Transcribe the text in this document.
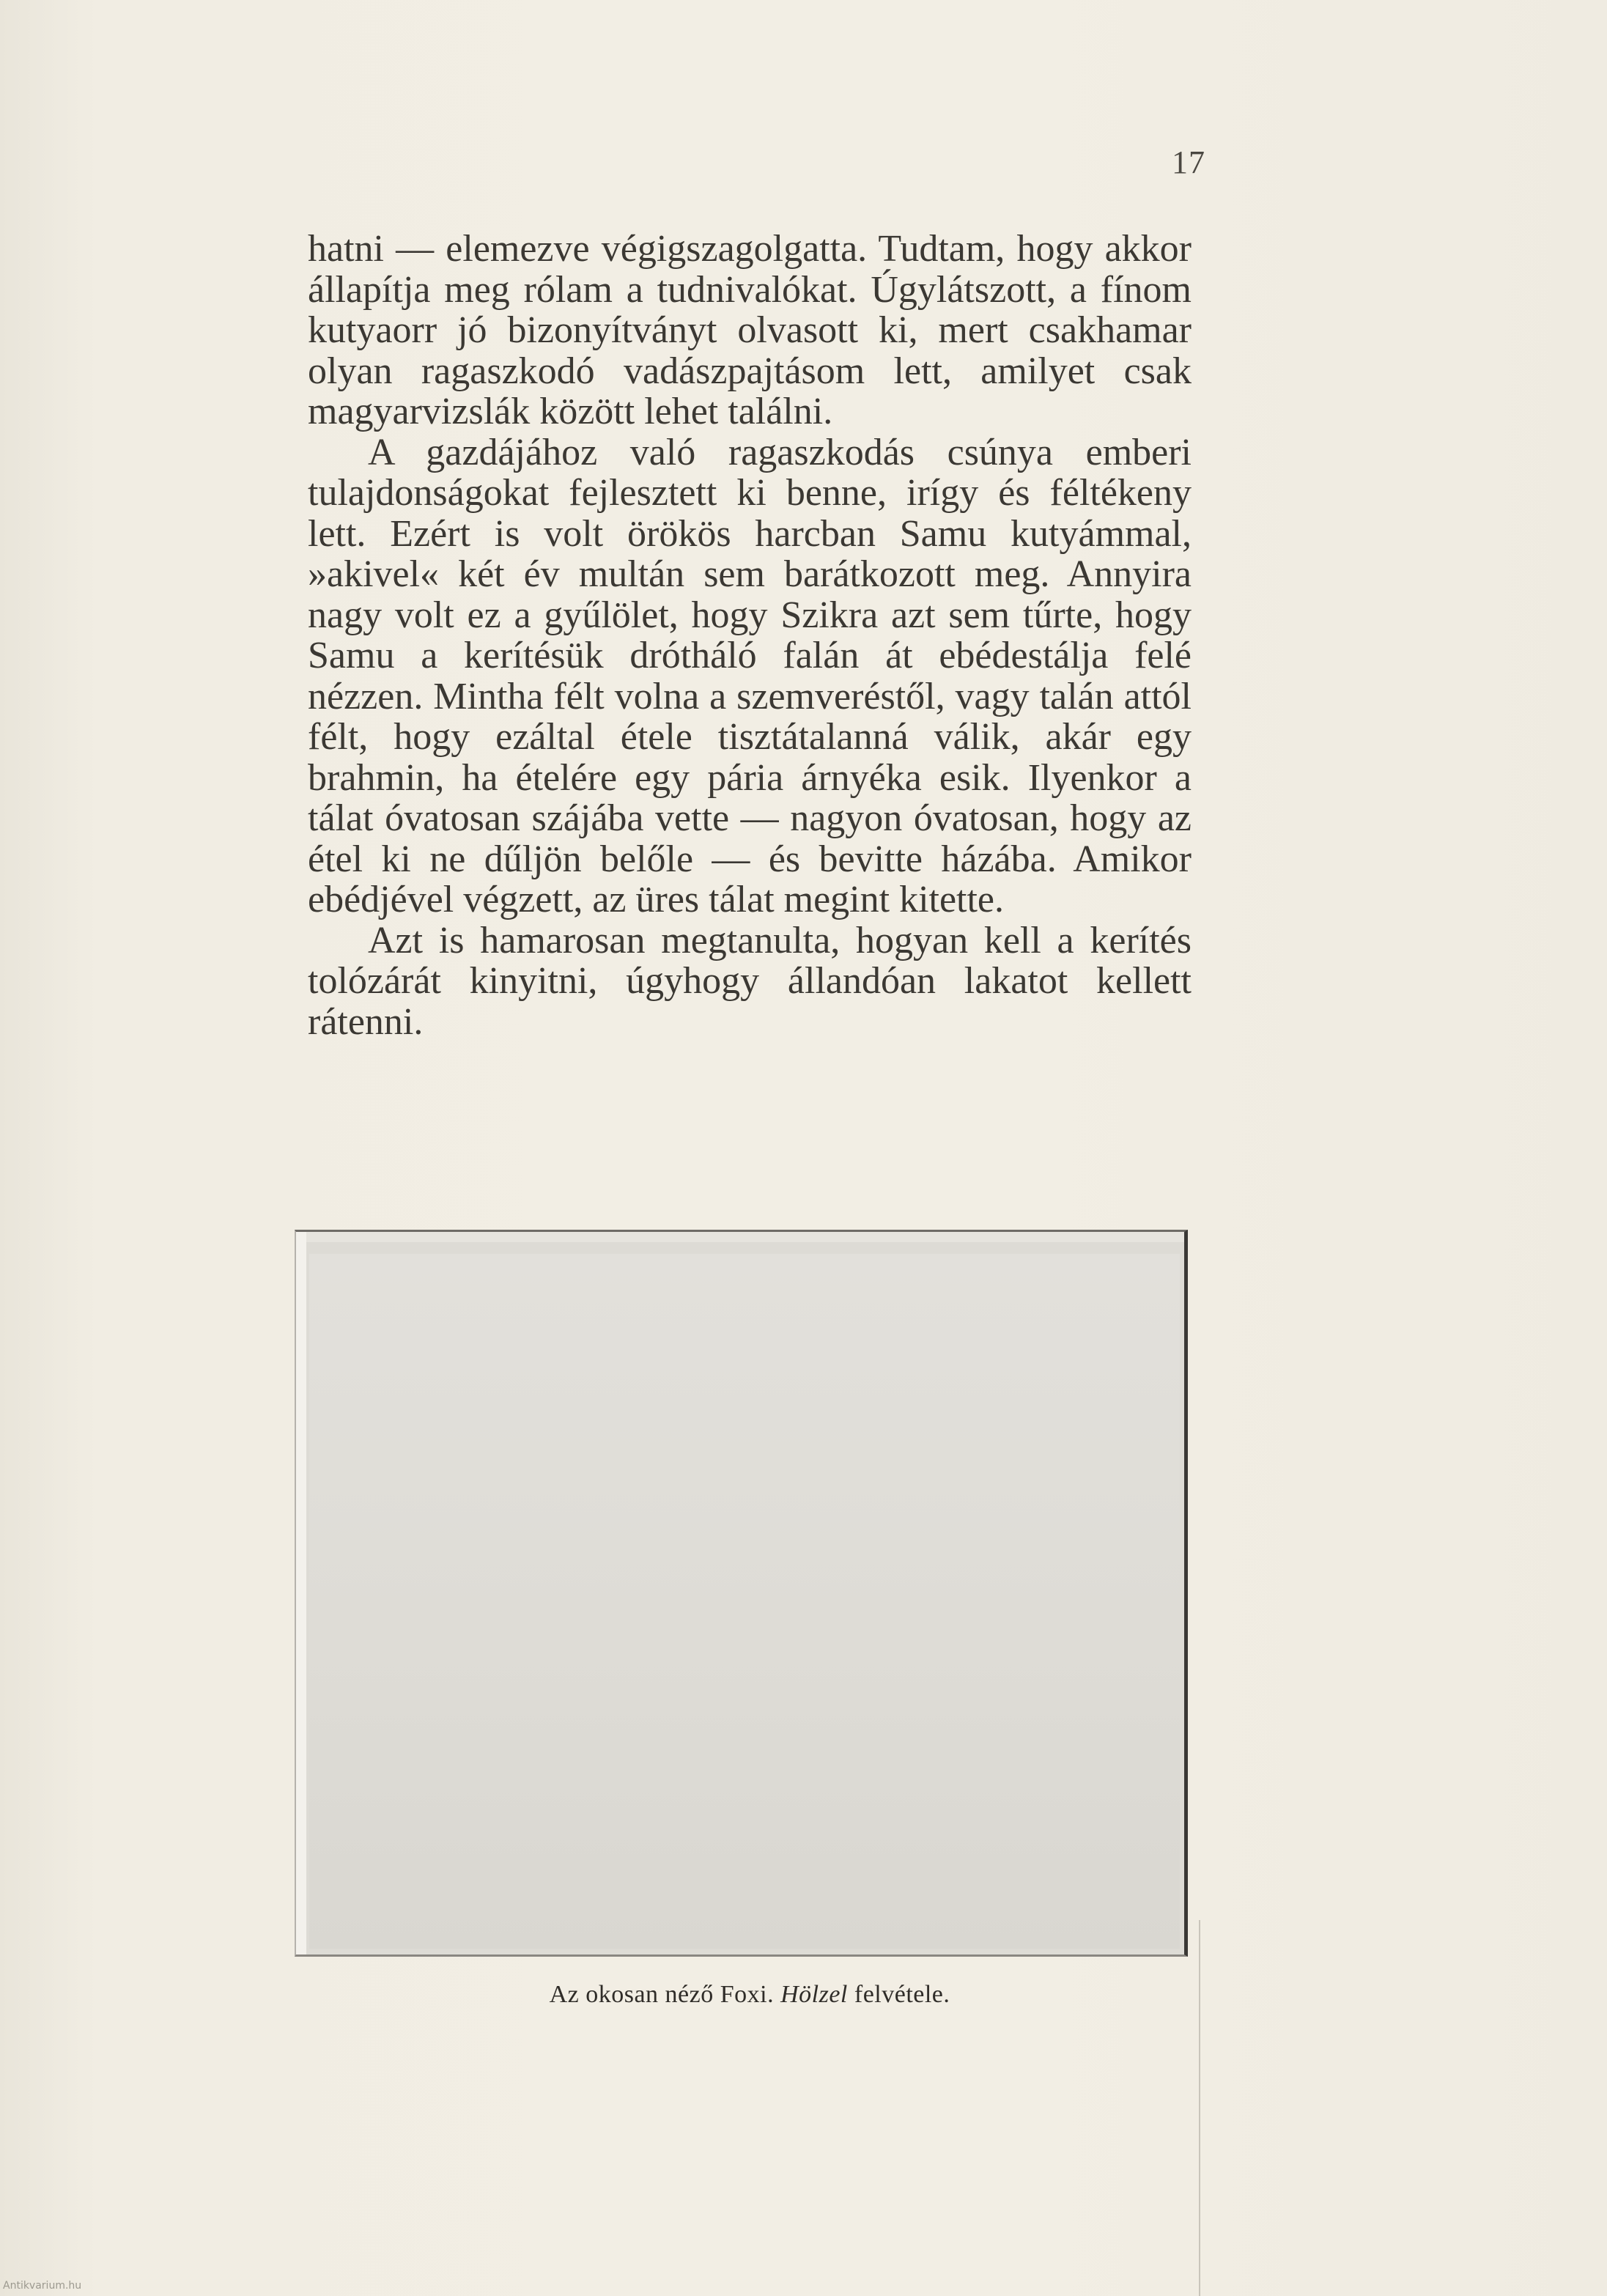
17

hatni — elemezve végigszagolgatta. Tudtam, hogy akkor állapítja meg rólam a tudnivalókat. Úgylátszott, a fínom kutyaorr jó bizonyítványt olvasott ki, mert csakhamar olyan ragaszkodó vadászpajtásom lett, amilyet csak magyarvizslák között lehet találni.

A gazdájához való ragaszkodás csúnya emberi tulajdonságokat fejlesztett ki benne, irígy és féltékeny lett. Ezért is volt örökös harcban Samu kutyámmal, »akivel« két év multán sem barátkozott meg. Annyira nagy volt ez a gyűlölet, hogy Szikra azt sem tűrte, hogy Samu a kerítésük drótháló falán át ebédestálja felé nézzen. Mintha félt volna a szemveréstől, vagy talán attól félt, hogy ezáltal étele tisztátalanná válik, akár egy brahmin, ha ételére egy pária árnyéka esik. Ilyenkor a tálat óvatosan szájába vette — nagyon óvatosan, hogy az étel ki ne dűljön belőle — és bevitte házába. Amikor ebédjével végzett, az üres tálat megint kitette.

Azt is hamarosan megtanulta, hogyan kell a kerítés tolózárát kinyitni, úgyhogy állandóan lakatot kellett rátenni.

Az okosan néző Foxi. Hölzel felvétele.
Antikvarium.hu
